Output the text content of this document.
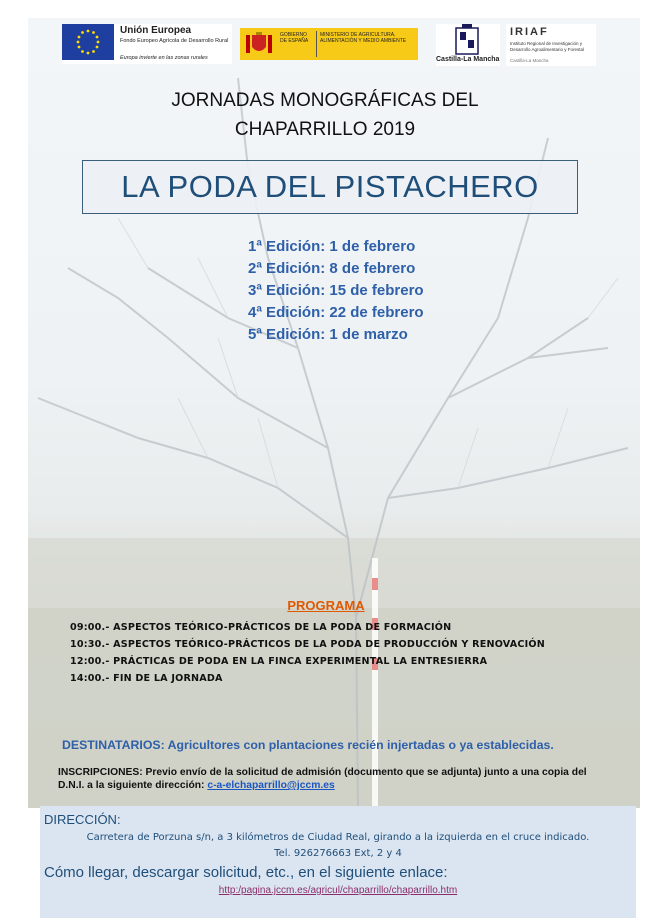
Unión Europea
Fondo Europeo Agrícola de Desarrollo Rural
Europa invierte en las zonas rurales
GOBIERNO DE ESPAÑA
MINISTERIO DE AGRICULTURA, ALIMENTACIÓN Y MEDIO AMBIENTE
Castilla-La Mancha
IRIAF
Instituto Regional de Investigación y Desarrollo Agroalimentario y Forestal
Castilla-La Mancha
JORNADAS MONOGRÁFICAS DEL
CHAPARRILLO 2019
LA PODA DEL PISTACHERO
1ª Edición: 1 de febrero
2ª Edición: 8 de febrero
3ª Edición: 15 de febrero
4ª Edición: 22 de febrero
5ª Edición: 1 de marzo
PROGRAMA
09:00.- ASPECTOS TEÓRICO-PRÁCTICOS DE LA PODA DE FORMACIÓN
10:30.- ASPECTOS TEÓRICO-PRÁCTICOS DE LA PODA DE PRODUCCIÓN Y RENOVACIÓN
12:00.- PRÁCTICAS DE PODA EN LA FINCA EXPERIMENTAL LA ENTRESIERRA
14:00.- FIN DE LA JORNADA
DESTINATARIOS: Agricultores con plantaciones recién injertadas o ya establecidas.
INSCRIPCIONES: Previo envío de la solicitud de admisión (documento que se adjunta) junto a una copia del D.N.I. a la siguiente dirección: c-a-elchaparrillo@jccm.es
DIRECCIÓN:
Carretera de Porzuna s/n, a 3 kilómetros de Ciudad Real, girando a la izquierda en el cruce indicado.
Tel. 926276663 Ext, 2 y 4
Cómo llegar, descargar solicitud, etc., en el siguiente enlace:
http:/pagina.jccm.es/agricul/chaparrillo/chaparrillo.htm
